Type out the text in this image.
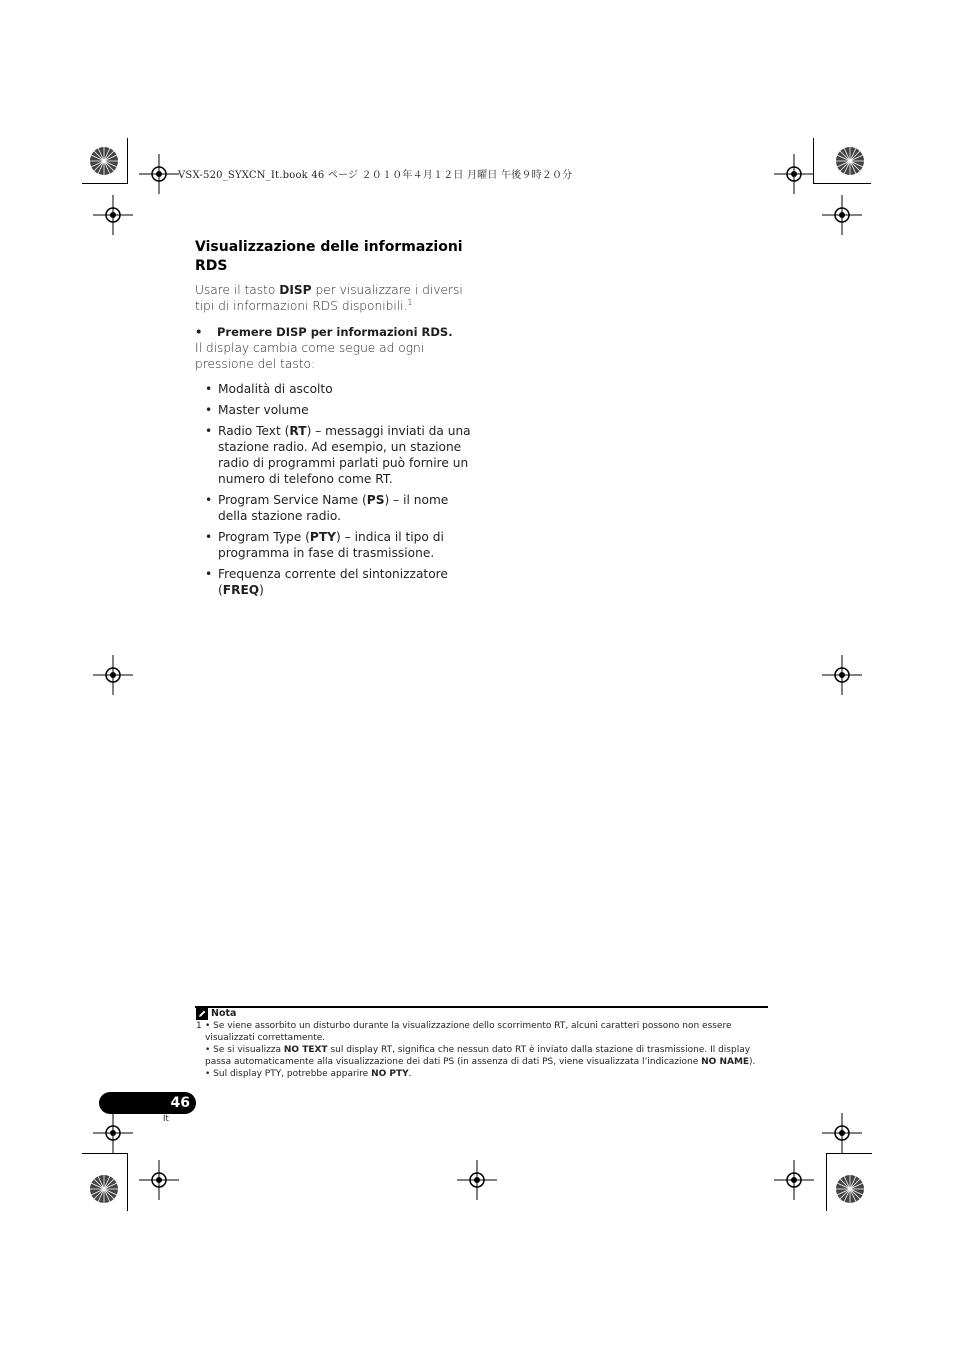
VSX-520_SYXCN_It.book 46 ページ ２０１０年４月１２日 月曜日 午後９時２０分
Visualizzazione delle informazioni RDS

Usare il tasto DISP per visualizzare i diversi tipi di informazioni RDS disponibili.$^1$

• Premere DISP per informazioni RDS.

Il display cambia come segue ad ogni pressione del tasto:

• Modalità di ascolto
• Master volume
• Radio Text (RT) – messaggi inviati da una stazione radio. Ad esempio, un stazione radio di programmi parlati può fornire un numero di telefono come RT.
• Program Service Name (PS) – il nome della stazione radio.
• Program Type (PTY) – indica il tipo di programma in fase di trasmissione.
• Frequenza corrente del sintonizzatore (FREQ)
Nota
1 • Se viene assorbito un disturbo durante la visualizzazione dello scorrimento RT, alcuni caratteri possono non essere visualizzati correttamente.
• Se si visualizza NO TEXT sul display RT, significa che nessun dato RT è inviato dalla stazione di trasmissione. Il display passa automaticamente alla visualizzazione dei dati PS (in assenza di dati PS, viene visualizzata l’indicazione NO NAME).
• Sul display PTY, potrebbe apparire NO PTY.
46
It
